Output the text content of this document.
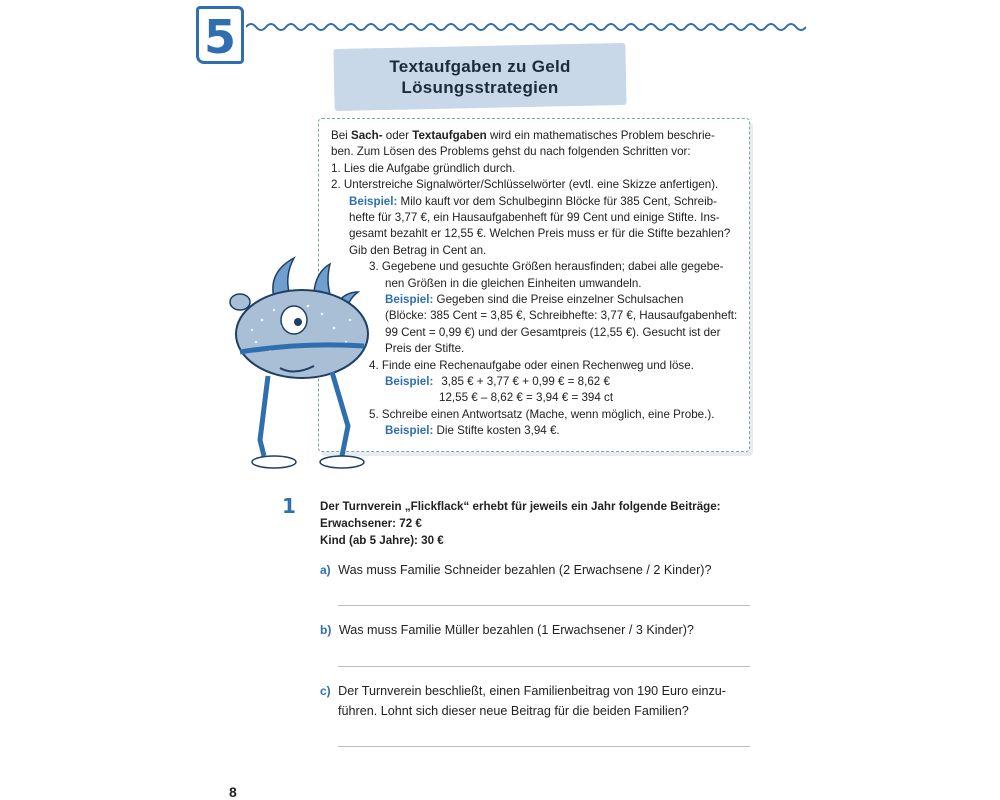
5
Textaufgaben zu Geld
Lösungsstrategien
Bei Sach- oder Textaufgaben wird ein mathematisches Problem beschrie-
ben. Zum Lösen des Problems gehst du nach folgenden Schritten vor:
1. Lies die Aufgabe gründlich durch.
2. Unterstreiche Signalwörter/Schlüsselwörter (evtl. eine Skizze anfertigen).
Beispiel: Milo kauft vor dem Schulbeginn Blöcke für 385 Cent, Schreib-
hefte für 3,77 €, ein Hausaufgabenheft für 99 Cent und einige Stifte. Ins-
gesamt bezahlt er 12,55 €. Welchen Preis muss er für die Stifte bezahlen?
Gib den Betrag in Cent an.
3. Gegebene und gesuchte Größen herausfinden; dabei alle gegebe-
nen Größen in die gleichen Einheiten umwandeln.
Beispiel: Gegeben sind die Preise einzelner Schulsachen
(Blöcke: 385 Cent = 3,85 €, Schreibhefte: 3,77 €, Hausaufgabenheft:
99 Cent = 0,99 €) und der Gesamtpreis (12,55 €). Gesucht ist der
Preis der Stifte.
4. Finde eine Rechenaufgabe oder einen Rechenweg und löse.
Beispiel: 3,85 € + 3,77 € + 0,99 € = 8,62 €
12,55 € – 8,62 € = 3,94 € = 394 ct
5. Schreibe einen Antwortsatz (Mache, wenn möglich, eine Probe.).
Beispiel: Die Stifte kosten 3,94 €.
1 Der Turnverein „Flickflack“ erhebt für jeweils ein Jahr folgende Beiträge:
Erwachsener: 72 €
Kind (ab 5 Jahre): 30 €
a) Was muss Familie Schneider bezahlen (2 Erwachsene / 2 Kinder)?
b) Was muss Familie Müller bezahlen (1 Erwachsener / 3 Kinder)?
c) Der Turnverein beschließt, einen Familienbeitrag von 190 Euro einzu-
führen. Lohnt sich dieser neue Beitrag für die beiden Familien?
8
